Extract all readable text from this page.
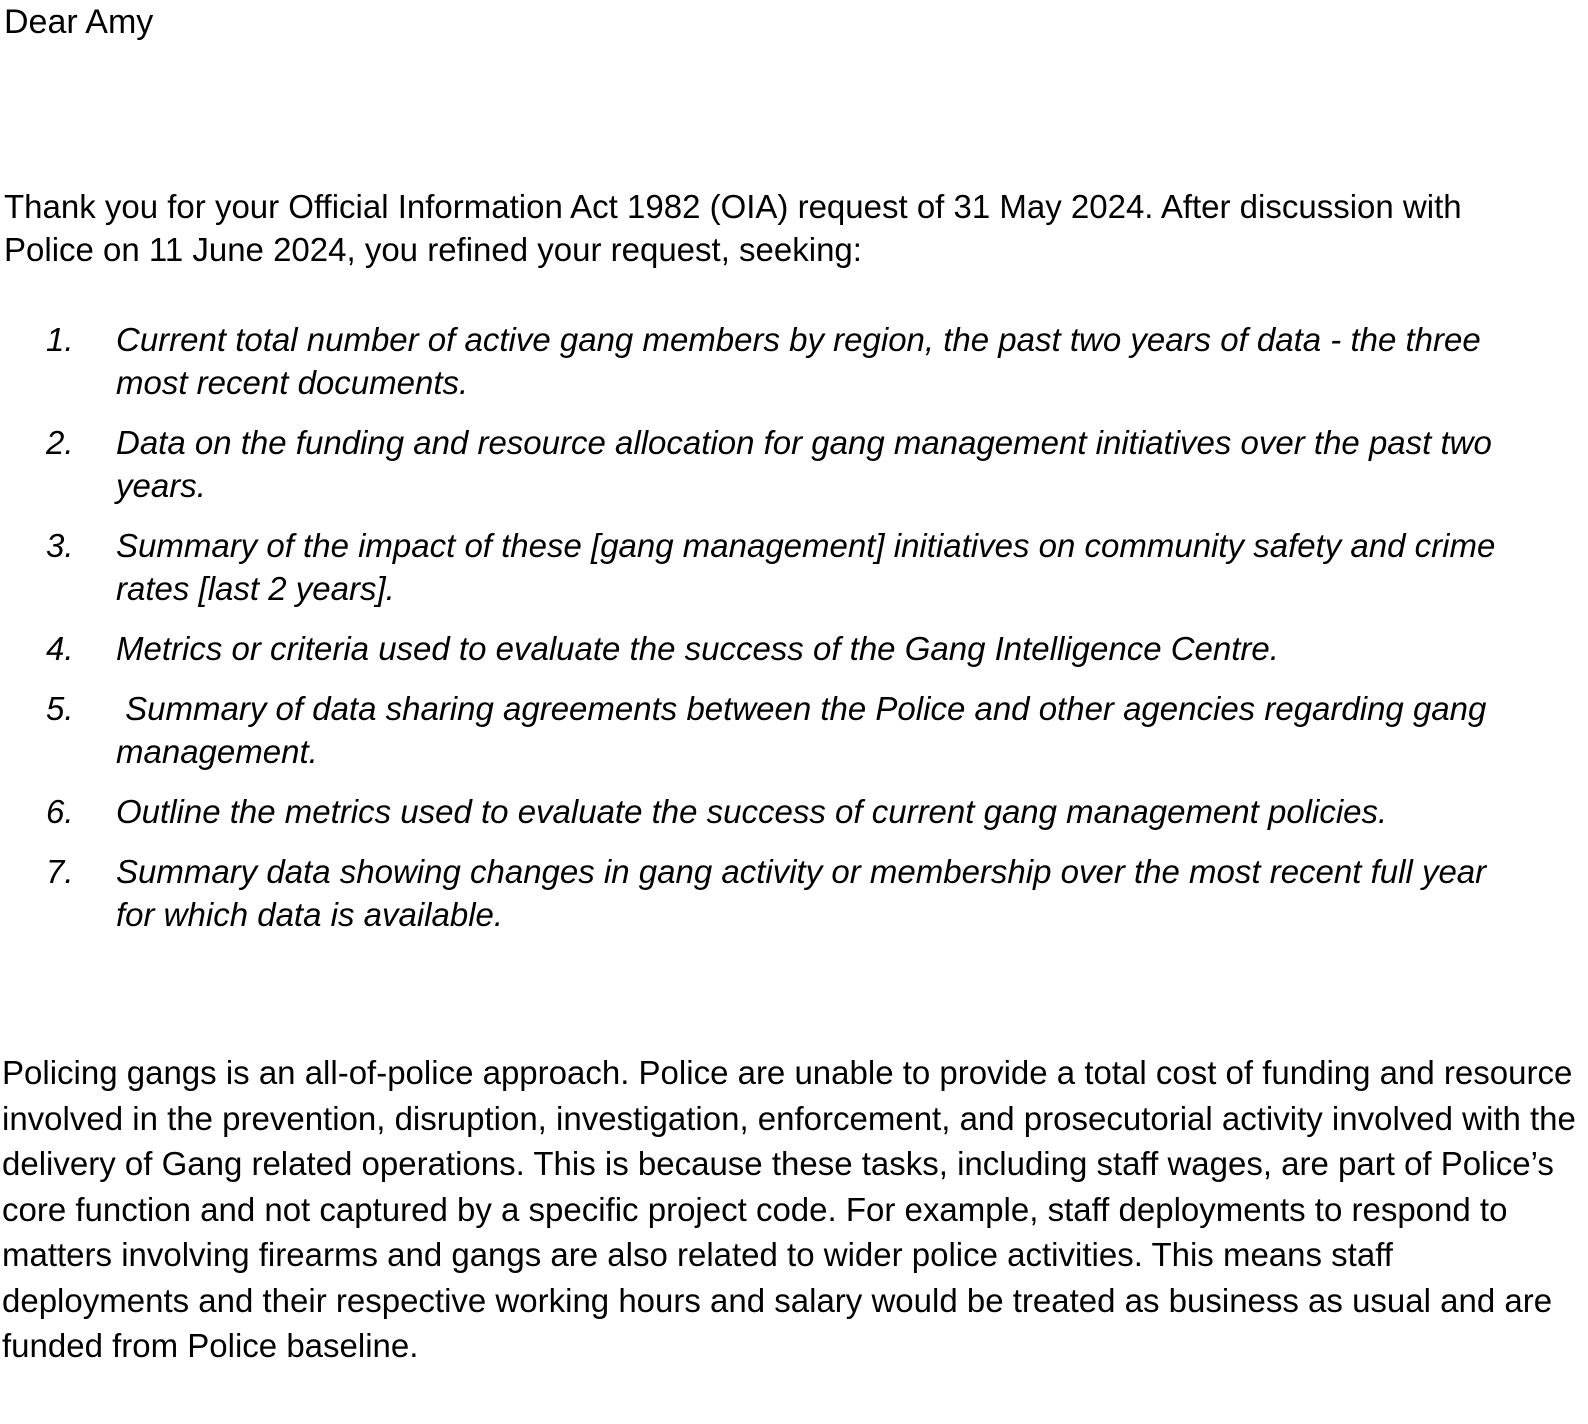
Dear Amy

Thank you for your Official Information Act 1982 (OIA) request of 31 May 2024. After discussion with Police on 11 June 2024, you refined your request, seeking:

1. Current total number of active gang members by region, the past two years of data - the three most recent documents.
2. Data on the funding and resource allocation for gang management initiatives over the past two years.
3. Summary of the impact of these [gang management] initiatives on community safety and crime rates [last 2 years].
4. Metrics or criteria used to evaluate the success of the Gang Intelligence Centre.
5. Summary of data sharing agreements between the Police and other agencies regarding gang management.
6. Outline the metrics used to evaluate the success of current gang management policies.
7. Summary data showing changes in gang activity or membership over the most recent full year for which data is available.

Policing gangs is an all-of-police approach. Police are unable to provide a total cost of funding and resource involved in the prevention, disruption, investigation, enforcement, and prosecutorial activity involved with the delivery of Gang related operations. This is because these tasks, including staff wages, are part of Police’s core function and not captured by a specific project code. For example, staff deployments to respond to matters involving firearms and gangs are also related to wider police activities. This means staff deployments and their respective working hours and salary would be treated as business as usual and are funded from Police baseline.
